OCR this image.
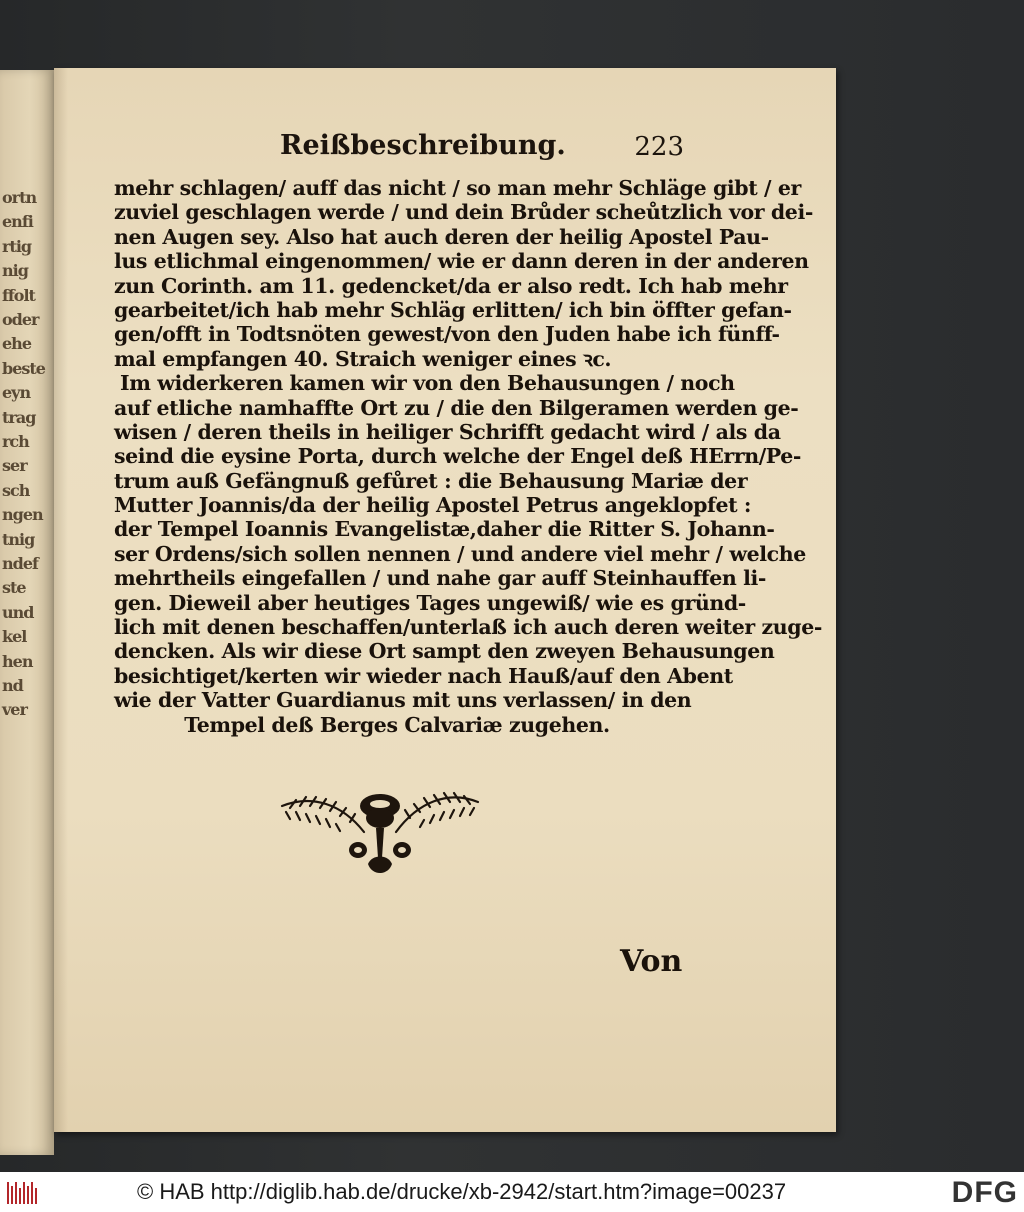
ortn
enfi
rtig
nig
ffolt
oder
ehe
beste
eyn
trag
rch
ser
sch
ngen
tnig
ndef
ste
und
kel
hen
nd
ver
Reißbeschreibung.	223
mehr schlagen/ auff das nicht / so man mehr Schläge gibt / er
zuviel geschlagen werde / und dein Brůder scheůtzlich vor dei-
nen Augen sey. Also hat auch deren der heilig Apostel Pau-
lus etlichmal eingenommen/ wie er dann deren in der anderen
zun Corinth. am 11. gedencket/da er also redt. Ich hab mehr
gearbeitet/ich hab mehr Schläg erlitten/ ich bin öffter gefan-
gen/offt in Todtsnöten gewest/von den Juden habe ich fünff-
mal empfangen 40. Straich weniger eines ꝛc.
Im widerkeren kamen wir von den Behausungen / noch
auf etliche namhaffte Ort zu / die den Bilgeramen werden ge-
wisen / deren theils in heiliger Schrifft gedacht wird / als da
seind die eysine Porta, durch welche der Engel deß HErrn/Pe-
trum auß Gefängnuß gefůret : die Behausung Mariæ der
Mutter Joannis/da der heilig Apostel Petrus angeklopfet :
der Tempel Ioannis Evangelistæ,daher die Ritter S. Johann-
ser Ordens/sich sollen nennen / und andere viel mehr / welche
mehrtheils eingefallen / und nahe gar auff Steinhauffen li-
gen. Dieweil aber heutiges Tages ungewiß/ wie es gründ-
lich mit denen beschaffen/unterlaß ich auch deren weiter zuge-
dencken. Als wir diese Ort sampt den zweyen Behausungen
besichtiget/kerten wir wieder nach Hauß/auf den Abent
wie der Vatter Guardianus mit uns verlassen/ in den
Tempel deß Berges Calvariæ zugehen.
Von
© HAB http://diglib.hab.de/drucke/xb-2942/start.htm?image=00237	DFG
